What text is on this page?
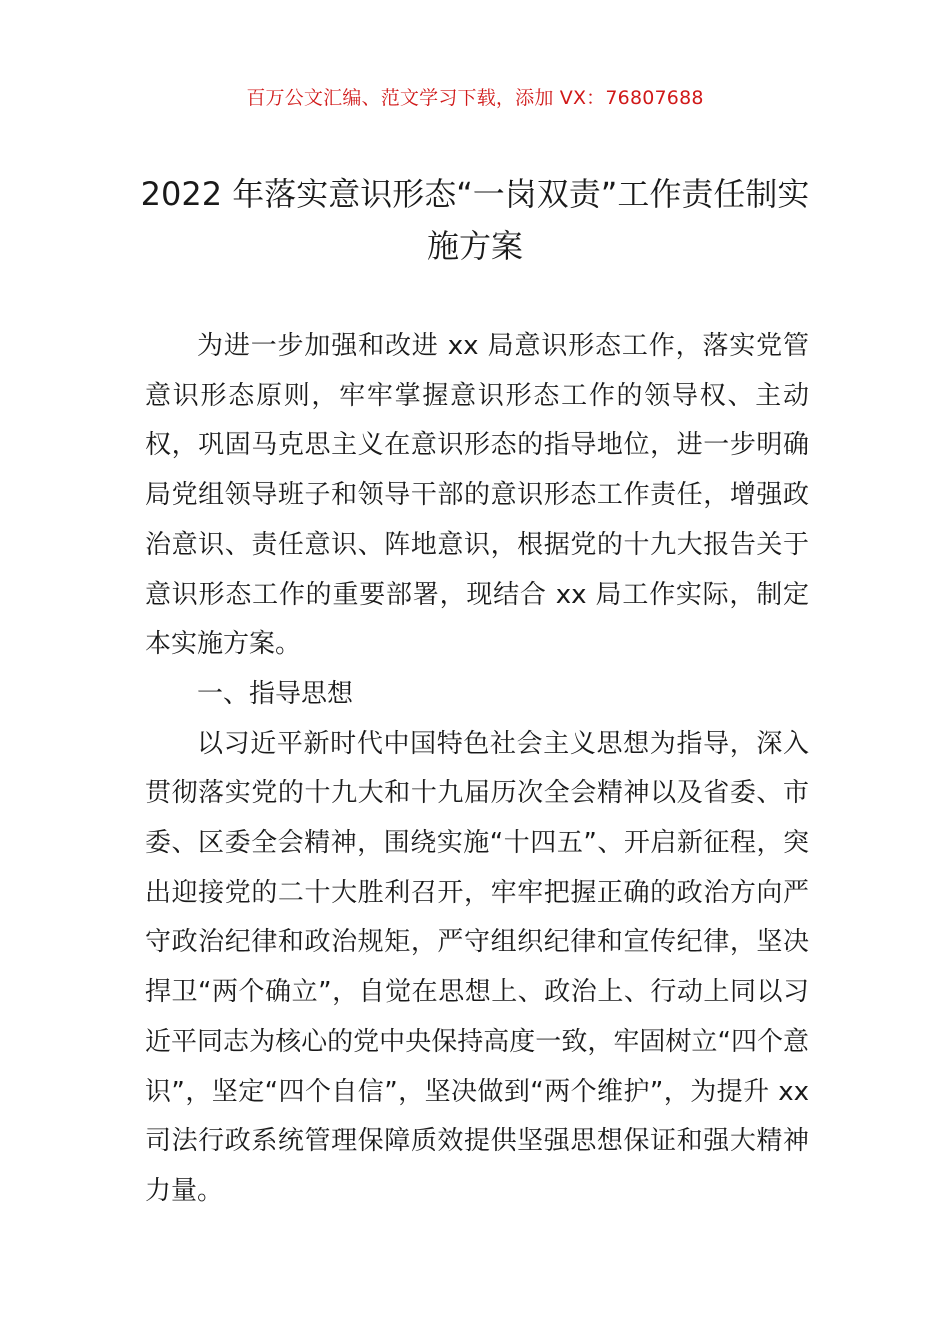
百万公文汇编、范文学习下载，添加 VX：76807688
2022 年落实意识形态“一岗双责”工作责任制实施方案

为进一步加强和改进 xx 局意识形态工作，落实党管意识形态原则，牢牢掌握意识形态工作的领导权、主动权，巩固马克思主义在意识形态的指导地位，进一步明确局党组领导班子和领导干部的意识形态工作责任，增强政治意识、责任意识、阵地意识，根据党的十九大报告关于意识形态工作的重要部署，现结合 xx 局工作实际，制定本实施方案。

一、指导思想

以习近平新时代中国特色社会主义思想为指导，深入贯彻落实党的十九大和十九届历次全会精神以及省委、市委、区委全会精神，围绕实施“十四五”、开启新征程，突出迎接党的二十大胜利召开，牢牢把握正确的政治方向严守政治纪律和政治规矩，严守组织纪律和宣传纪律，坚决捍卫“两个确立”，自觉在思想上、政治上、行动上同以习近平同志为核心的党中央保持高度一致，牢固树立“四个意识”，坚定“四个自信”，坚决做到“两个维护”，为提升 xx 司法行政系统管理保障质效提供坚强思想保证和强大精神力量。
